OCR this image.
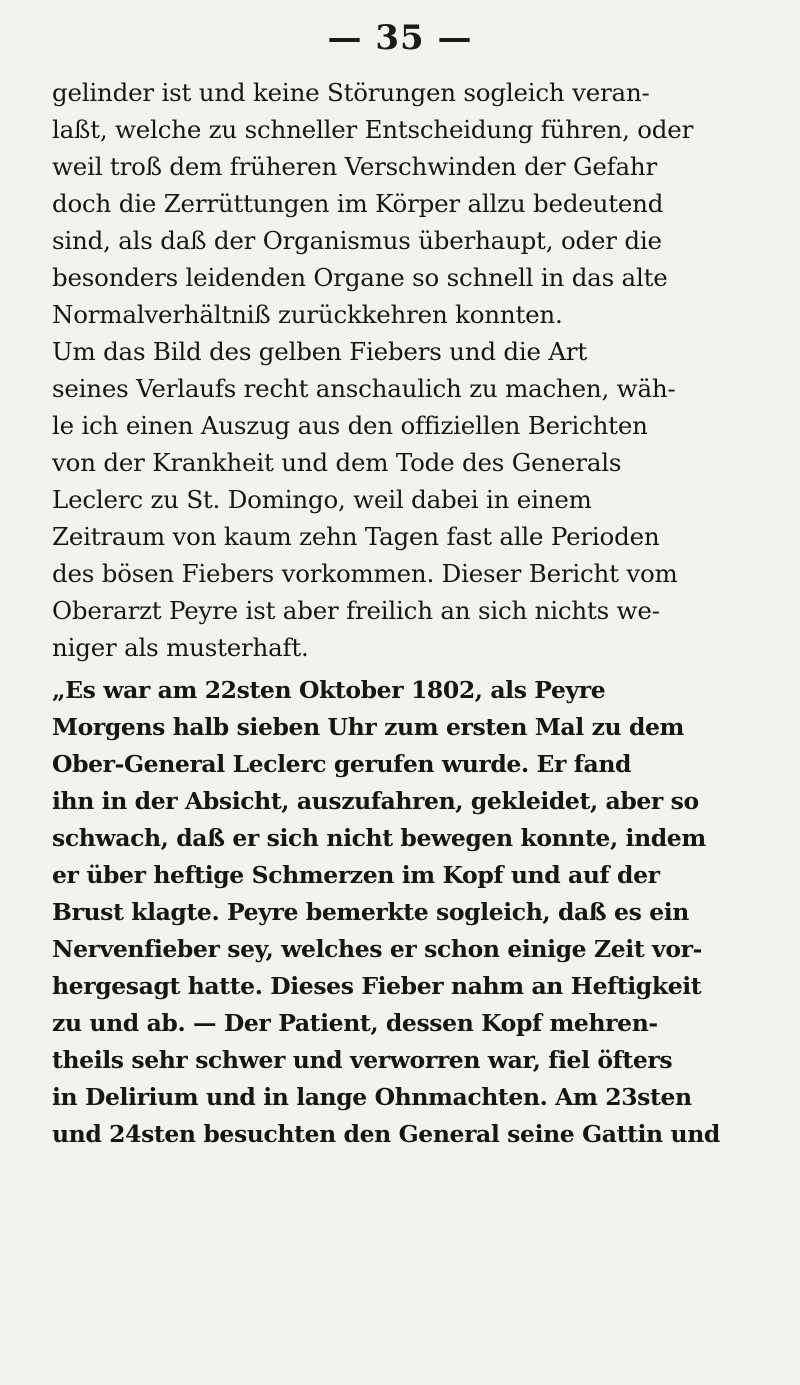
— 35 —
gelinder ist und keine Störungen sogleich veran-
laßt, welche zu schneller Entscheidung führen, oder
weil troß dem früheren Verschwinden der Gefahr
doch die Zerrüttungen im Körper allzu bedeutend
sind, als daß der Organismus überhaupt, oder die
besonders leidenden Organe so schnell in das alte
Normalverhältniß zurückkehren konnten.
Um das Bild des gelben Fiebers und die Art
seines Verlaufs recht anschaulich zu machen, wäh-
le ich einen Auszug aus den offiziellen Berichten
von der Krankheit und dem Tode des Generals
Leclerc zu St. Domingo, weil dabei in einem
Zeitraum von kaum zehn Tagen fast alle Perioden
des bösen Fiebers vorkommen. Dieser Bericht vom
Oberarzt Peyre ist aber freilich an sich nichts we-
niger als musterhaft.
„Es war am 22sten Oktober 1802, als Peyre
Morgens halb sieben Uhr zum ersten Mal zu dem
Ober-General Leclerc gerufen wurde. Er fand
ihn in der Absicht, auszufahren, gekleidet, aber so
schwach, daß er sich nicht bewegen konnte, indem
er über heftige Schmerzen im Kopf und auf der
Brust klagte. Peyre bemerkte sogleich, daß es ein
Nervenfieber sey, welches er schon einige Zeit vor-
hergesagt hatte. Dieses Fieber nahm an Heftigkeit
zu und ab. — Der Patient, dessen Kopf mehren-
theils sehr schwer und verworren war, fiel öfters
in Delirium und in lange Ohnmachten. Am 23sten
und 24sten besuchten den General seine Gattin und
